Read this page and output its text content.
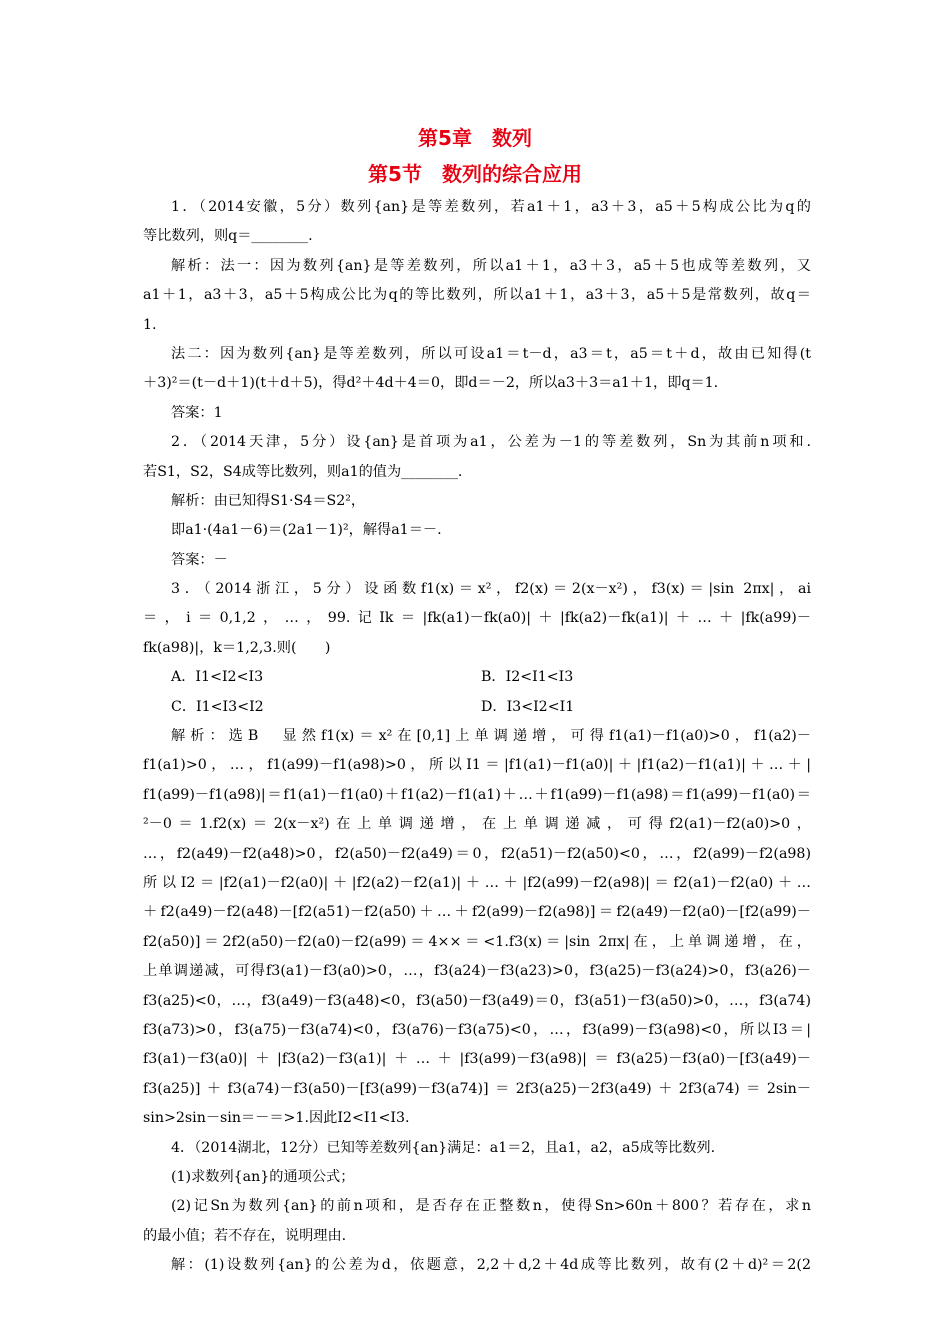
第5章　数列
第5节　数列的综合应用
1．（2014安徽，5分）数列{an}是等差数列，若a1＋1，a3＋3，a5＋5构成公比为q的
等比数列，则q＝________.
解析：法一：因为数列{an}是等差数列，所以a1＋1，a3＋3，a5＋5也成等差数列，又
a1＋1，a3＋3，a5＋5构成公比为q的等比数列，所以a1＋1，a3＋3，a5＋5是常数列，故q＝
1.
法二：因为数列{an}是等差数列，所以可设a1＝t－d，a3＝t，a5＝t＋d，故由已知得(t
＋3)²＝(t－d＋1)(t＋d＋5)，得d²＋4d＋4＝0，即d＝－2，所以a3＋3＝a1＋1，即q＝1.
答案：1
2．（2014天津，5分）设{an}是首项为a1，公差为－1的等差数列，Sn为其前n项和.
若S1，S2，S4成等比数列，则a1的值为________.
解析：由已知得S1·S4＝S2²，
即a1·(4a1－6)＝(2a1－1)²，解得a1＝－.
答案：－
3．（2014浙江，5分）设函数f1(x)＝x²，f2(x)＝2(x－x²)，f3(x)＝|sin 2πx|，ai
＝，i＝0,1,2，…，99.记Ik＝|fk(a1)－fk(a0)|＋|fk(a2)－fk(a1)|＋…＋|fk(a99)－
fk(a98)|，k＝1,2,3.则(　　)
A．I1<I2<I3	B．I2<I1<I3
C．I1<I3<I2	D．I3<I2<I1
解析：选B　显然f1(x)＝x²在[0,1]上单调递增，可得f1(a1)－f1(a0)>0，f1(a2)－
f1(a1)>0，…，f1(a99)－f1(a98)>0，所以I1＝|f1(a1)－f1(a0)|＋|f1(a2)－f1(a1)|＋…＋|
f1(a99)－f1(a98)|＝f1(a1)－f1(a0)＋f1(a2)－f1(a1)＋…＋f1(a99)－f1(a98)＝f1(a99)－f1(a0)＝
²－0＝1.f2(x)＝2(x－x²)在上单调递增，在上单调递减，可得f2(a1)－f2(a0)>0，
…，f2(a49)－f2(a48)>0，f2(a50)－f2(a49)＝0，f2(a51)－f2(a50)<0，…，f2(a99)－f2(a98)
所以I2＝|f2(a1)－f2(a0)|＋|f2(a2)－f2(a1)|＋…＋|f2(a99)－f2(a98)|＝f2(a1)－f2(a0)＋…
＋f2(a49)－f2(a48)－[f2(a51)－f2(a50)＋…＋f2(a99)－f2(a98)]＝f2(a49)－f2(a0)－[f2(a99)－
f2(a50)]＝2f2(a50)－f2(a0)－f2(a99)＝4××＝<1.f3(x)＝|sin 2πx|在，上单调递增，在，
上单调递减，可得f3(a1)－f3(a0)>0，…，f3(a24)－f3(a23)>0，f3(a25)－f3(a24)>0，f3(a26)－
f3(a25)<0，…，f3(a49)－f3(a48)<0，f3(a50)－f3(a49)＝0，f3(a51)－f3(a50)>0，…，f3(a74)
f3(a73)>0，f3(a75)－f3(a74)<0，f3(a76)－f3(a75)<0，…，f3(a99)－f3(a98)<0，所以I3＝|
f3(a1)－f3(a0)|＋|f3(a2)－f3(a1)|＋…＋|f3(a99)－f3(a98)|＝f3(a25)－f3(a0)－[f3(a49)－
f3(a25)]＋f3(a74)－f3(a50)－[f3(a99)－f3(a74)]＝2f3(a25)－2f3(a49)＋2f3(a74)＝2sin－
sin>2sin－sin＝－＝>1.因此I2<I1<I3.
4．（2014湖北，12分）已知等差数列{an}满足：a1＝2，且a1，a2，a5成等比数列.
(1)求数列{an}的通项公式；
(2)记Sn为数列{an}的前n项和，是否存在正整数n，使得Sn>60n＋800？若存在，求n
的最小值；若不存在，说明理由.
解：(1)设数列{an}的公差为d，依题意，2,2＋d,2＋4d成等比数列，故有(2＋d)²＝2(2
